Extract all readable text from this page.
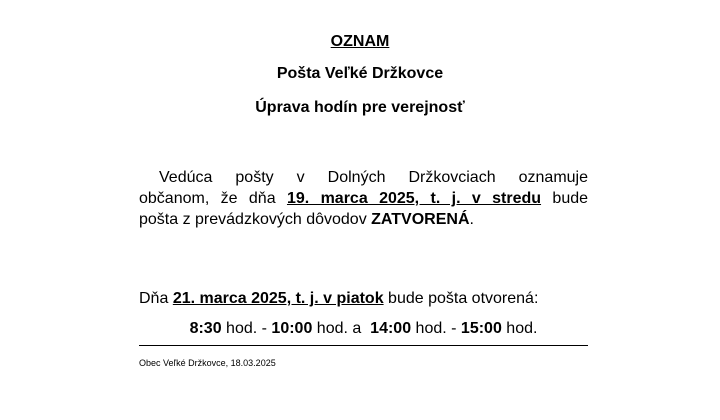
OZNAM
Pošta Veľké Držkovce
Úprava hodín pre verejnosť
Vedúca pošty v Dolných Držkovciach oznamuje
občanom, že dňa 19. marca 2025, t. j. v stredu bude
pošta z prevádzkových dôvodov ZATVORENÁ.
Dňa 21. marca 2025, t. j. v piatok bude pošta otvorená:
8:30 hod. - 10:00 hod. a 14:00 hod. - 15:00 hod.
Obec Veľké Držkovce, 18.03.2025
